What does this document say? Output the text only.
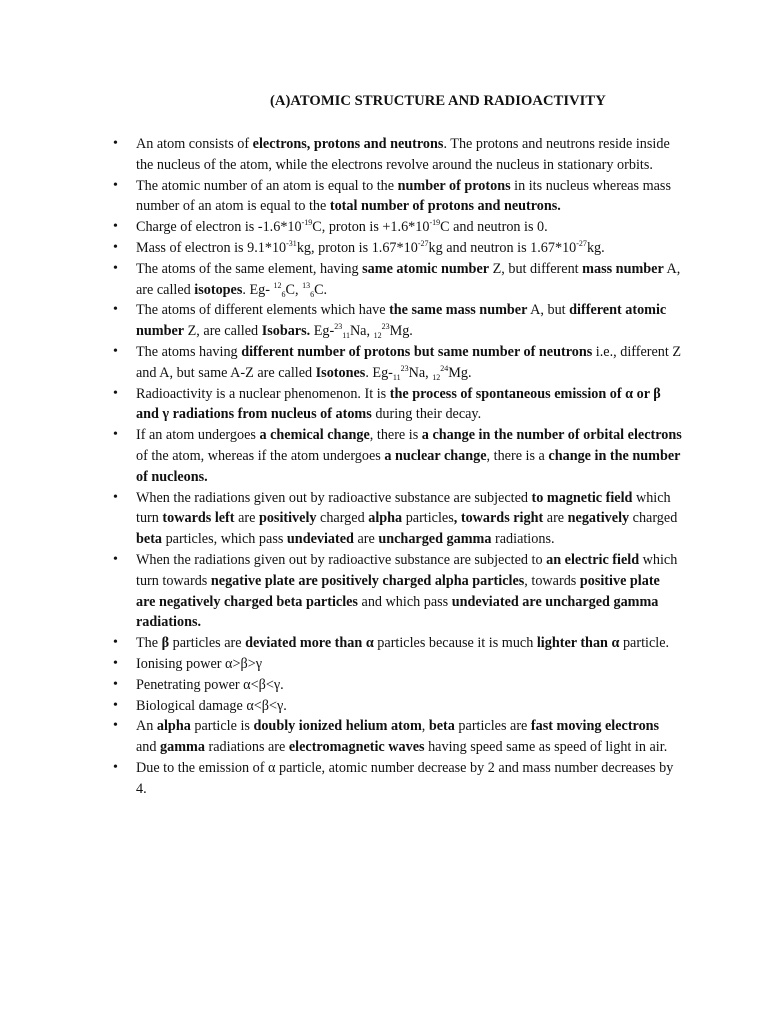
(A)ATOMIC STRUCTURE AND RADIOACTIVITY
• An atom consists of electrons, protons and neutrons. The protons and neutrons reside inside the nucleus of the atom, while the electrons revolve around the nucleus in stationary orbits.
• The atomic number of an atom is equal to the number of protons in its nucleus whereas mass number of an atom is equal to the total number of protons and neutrons.
• Charge of electron is $-1.6*10^{-19}C$, proton is $+1.6*10^{-19}C$ and neutron is 0.
• Mass of electron is $9.1*10^{-31}kg$, proton is $1.67*10^{-27}kg$ and neutron is $1.67*10^{-27}kg$.
• The atoms of the same element, having same atomic number Z, but different mass number A, are called isotopes. Eg- $^{12}_6$C, $^{13}_6$C.
• The atoms of different elements which have the same mass number A, but different atomic number Z, are called Isobars. Eg-$^{23}_{11}$Na, $_{12}^{23}$Mg.
• The atoms having different number of protons but same number of neutrons i.e., different Z and A, but same A-Z are called Isotones. $Eg-_{11}^{23}Na$, $_{12}^{24}$Mg.
• Radioactivity is a nuclear phenomenon. It is the process of spontaneous emission of α or β and γ radiations from nucleus of atoms during their decay.
• If an atom undergoes a chemical change, there is a change in the number of orbital electrons of the atom, whereas if the atom undergoes a nuclear change, there is a change in the number of nucleons.
• When the radiations given out by radioactive substance are subjected to magnetic field which turn towards left are positively charged alpha particles, towards right are negatively charged beta particles, which pass undeviated are uncharged gamma radiations.
• When the radiations given out by radioactive substance are subjected to an electric field which turn towards negative plate are positively charged alpha particles, towards positive plate are negatively charged beta particles and which pass undeviated are uncharged gamma radiations.
• The β particles are deviated more than α particles because it is much lighter than α particle.
• Ionising power α>β>γ
• Penetrating power α<β<γ.
• Biological damage α<β<γ.
• An alpha particle is doubly ionized helium atom, beta particles are fast moving electrons and gamma radiations are electromagnetic waves having speed same as speed of light in air.
• Due to the emission of α particle, atomic number decrease by 2 and mass number decreases by 4.
